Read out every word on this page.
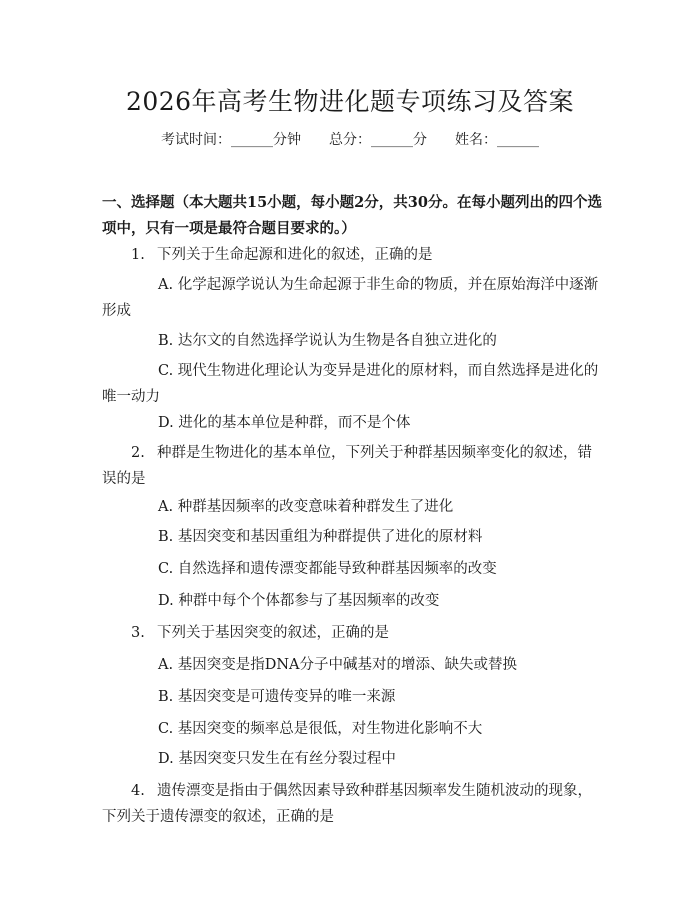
2026年高考生物进化题专项练习及答案
考试时间：______分钟 总分：______分 姓名：______
一、选择题（本大题共15小题，每小题2分，共30分。在每小题列出的四个选项中，只有一项是最符合题目要求的。）
1. 下列关于生命起源和进化的叙述，正确的是
A. 化学起源学说认为生命起源于非生命的物质，并在原始海洋中逐渐形成
B. 达尔文的自然选择学说认为生物是各自独立进化的
C. 现代生物进化理论认为变异是进化的原材料，而自然选择是进化的唯一动力
D. 进化的基本单位是种群，而不是个体
2. 种群是生物进化的基本单位，下列关于种群基因频率变化的叙述，错误的是
A. 种群基因频率的改变意味着种群发生了进化
B. 基因突变和基因重组为种群提供了进化的原材料
C. 自然选择和遗传漂变都能导致种群基因频率的改变
D. 种群中每个个体都参与了基因频率的改变
3. 下列关于基因突变的叙述，正确的是
A. 基因突变是指DNA分子中碱基对的增添、缺失或替换
B. 基因突变是可遗传变异的唯一来源
C. 基因突变的频率总是很低，对生物进化影响不大
D. 基因突变只发生在有丝分裂过程中
4. 遗传漂变是指由于偶然因素导致种群基因频率发生随机波动的现象，下列关于遗传漂变的叙述，正确的是
